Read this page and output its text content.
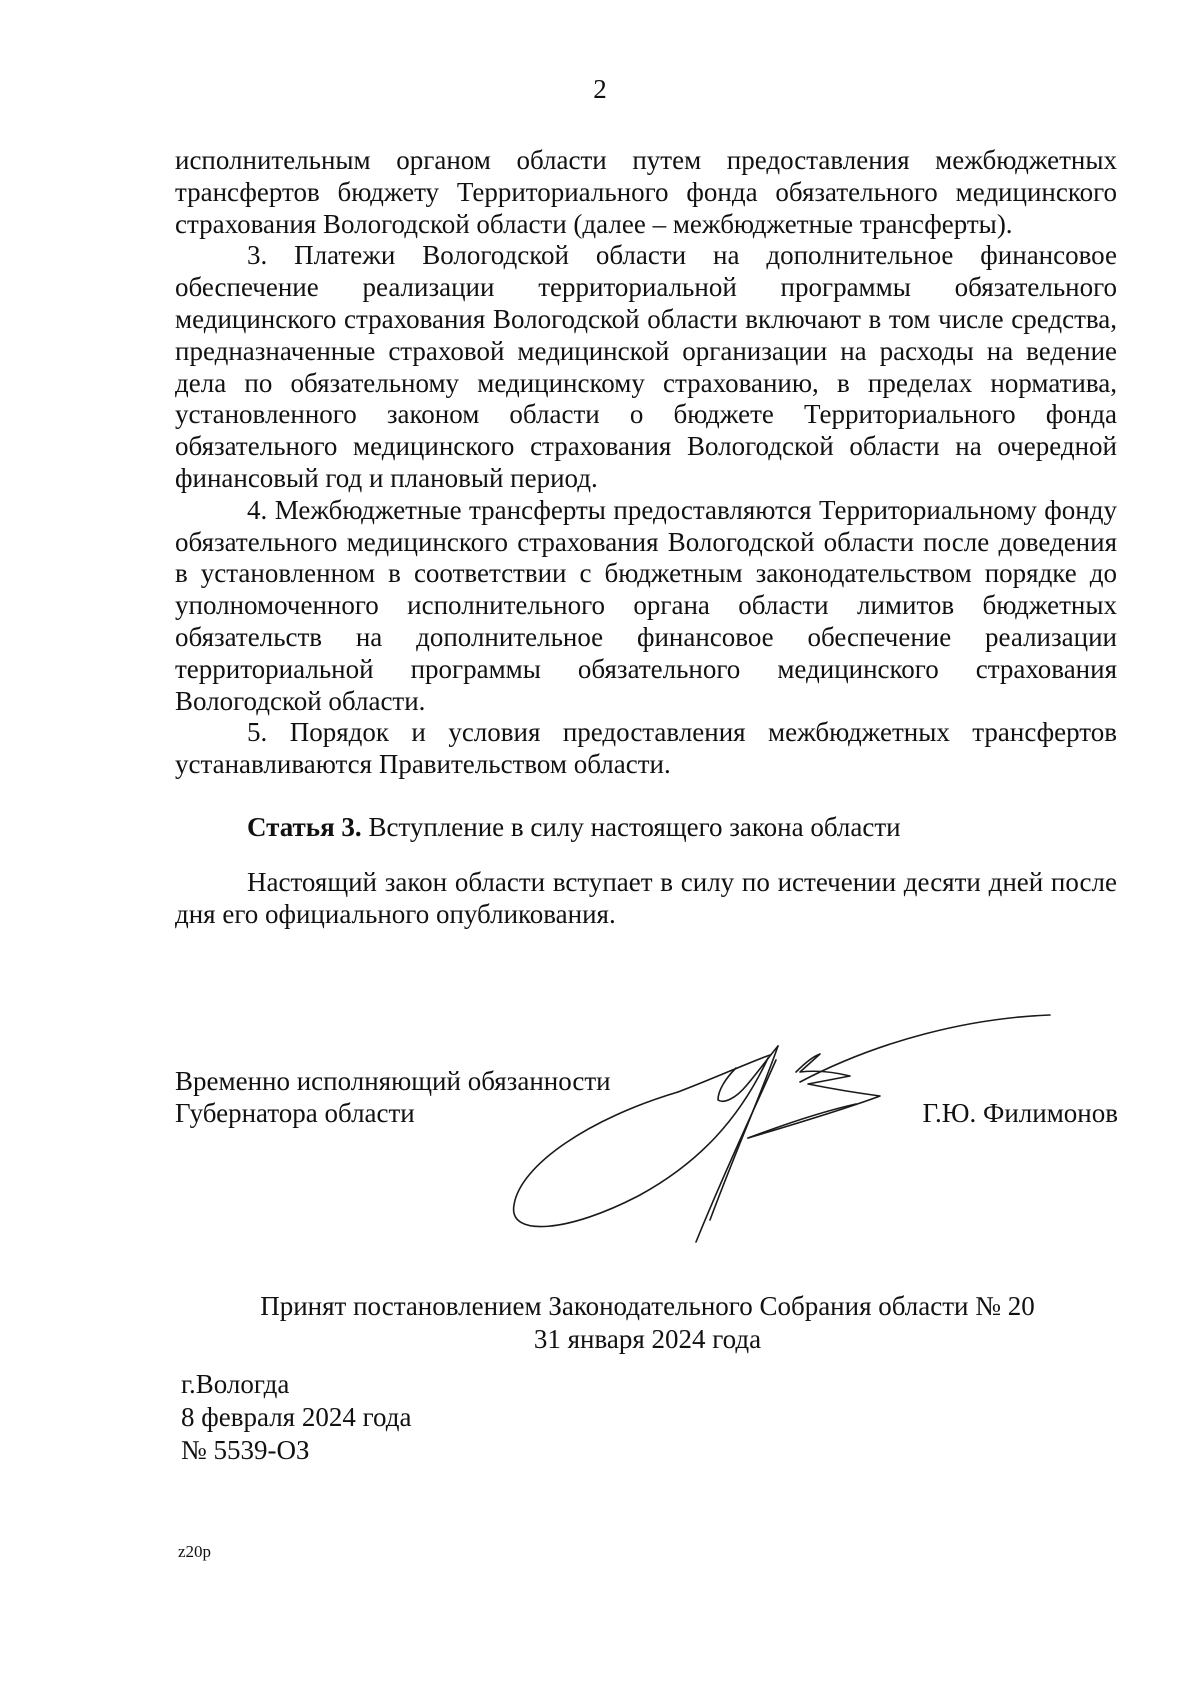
2

исполнительным органом области путем предоставления межбюджетных трансфертов бюджету Территориального фонда обязательного медицинского страхования Вологодской области (далее – межбюджетные трансферты).

3. Платежи Вологодской области на дополнительное финансовое обеспечение реализации территориальной программы обязательного медицинского страхования Вологодской области включают в том числе средства, предназначенные страховой медицинской организации на расходы на ведение дела по обязательному медицинскому страхованию, в пределах норматива, установленного законом области о бюджете Территориального фонда обязательного медицинского страхования Вологодской области на очередной финансовый год и плановый период.

4. Межбюджетные трансферты предоставляются Территориальному фонду обязательного медицинского страхования Вологодской области после доведения в установленном в соответствии с бюджетным законодательством порядке до уполномоченного исполнительного органа области лимитов бюджетных обязательств на дополнительное финансовое обеспечение реализации территориальной программы обязательного медицинского страхования Вологодской области.

5. Порядок и условия предоставления межбюджетных трансфертов устанавливаются Правительством области.

Статья 3. Вступление в силу настоящего закона области

Настоящий закон области вступает в силу по истечении десяти дней после дня его официального опубликования.

Временно исполняющий обязанности
Губернатора области	Г.Ю. Филимонов
Принят постановлением Законодательного Собрания области № 20
31 января 2024 года
г.Вологда
8 февраля 2024 года
№ 5539-ОЗ
z20p
